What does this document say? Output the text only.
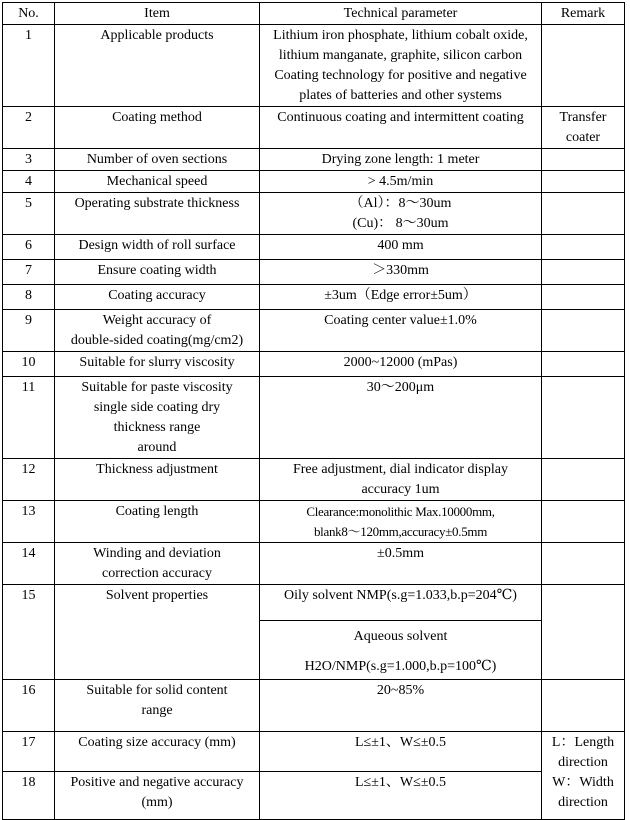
No.	Item	Technical parameter	Remark
1	Applicable products	Lithium iron phosphate, lithium cobalt oxide,
lithium manganate, graphite, silicon carbon
Coating technology for positive and negative
plates of batteries and other systems	

2	Coating method	Continuous coating and intermittent coating	Transfer
coater

3	Number of oven sections	Drying zone length: 1 meter	

4	Mechanical speed	> 4.5m/min	

5	Operating substrate thickness	（Al）：8～30um
(Cu)： 8～30um	

6	Design width of roll surface	400 mm	

7	Ensure coating width	＞330mm	

8	Coating accuracy	±3um（Edge error±5um）	

9	Weight accuracy of
double-sided coating(mg/cm2)	Coating center value±1.0%	

10	Suitable for slurry viscosity	2000~12000 (mPas)	

11	Suitable for paste viscosity
single side coating dry
thickness range
around	30～200μm	

12	Thickness adjustment	Free adjustment, dial indicator display
accuracy 1um	

13	Coating length	Clearance:monolithic Max.10000mm,
blank8～120mm,accuracy±0.5mm	

14	Winding and deviation
correction accuracy	±0.5mm	

15	Solvent properties	Oily solvent NMP(s.g=1.033,b.p=204℃)	

		Aqueous solvent
H2O/NMP(s.g=1.000,b.p=100℃)	

16	Suitable for solid content
range	20~85%	

17	Coating size accuracy (mm)	L≤±1、W≤±0.5	L：Length
direction
W：Width
direction

18	Positive and negative accuracy
(mm)	L≤±1、W≤±0.5	
